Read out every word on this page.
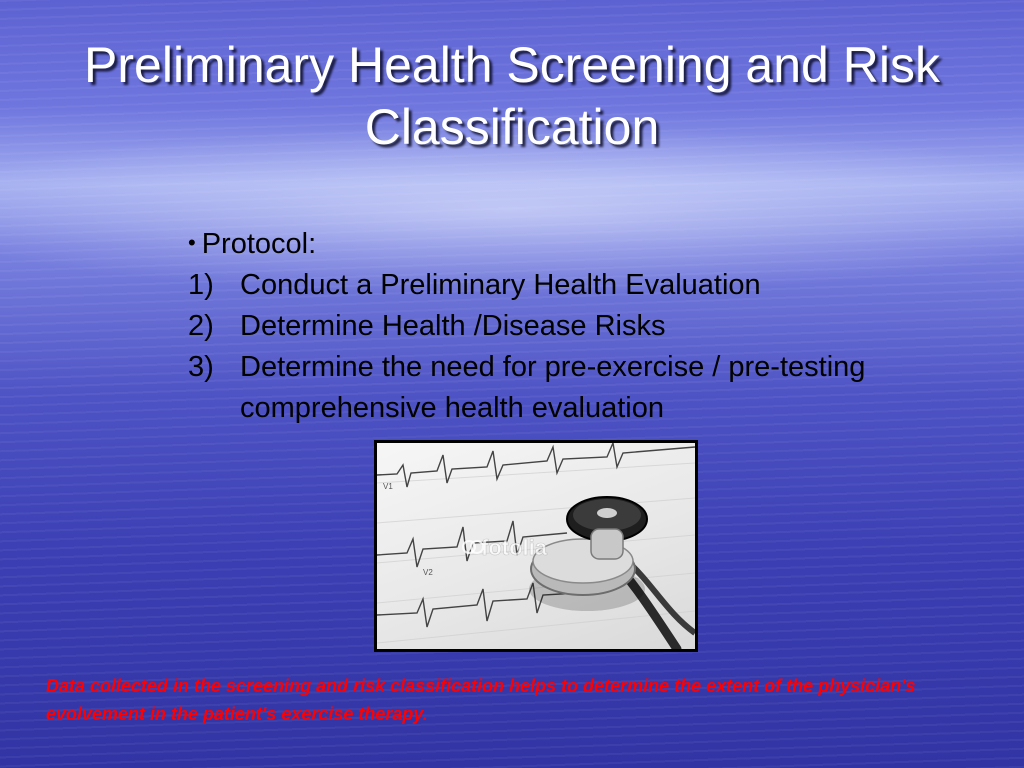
Preliminary Health Screening and Risk Classification
• Protocol:
1) Conduct a Preliminary Health Evaluation
2) Determine Health /Disease Risks
3) Determine the need for pre-exercise / pre-testing comprehensive health evaluation
V1
V2
fotolia

Data collected in the screening and risk classification helps to determine the extent of the physician's evolvement in the patient's exercise therapy.
